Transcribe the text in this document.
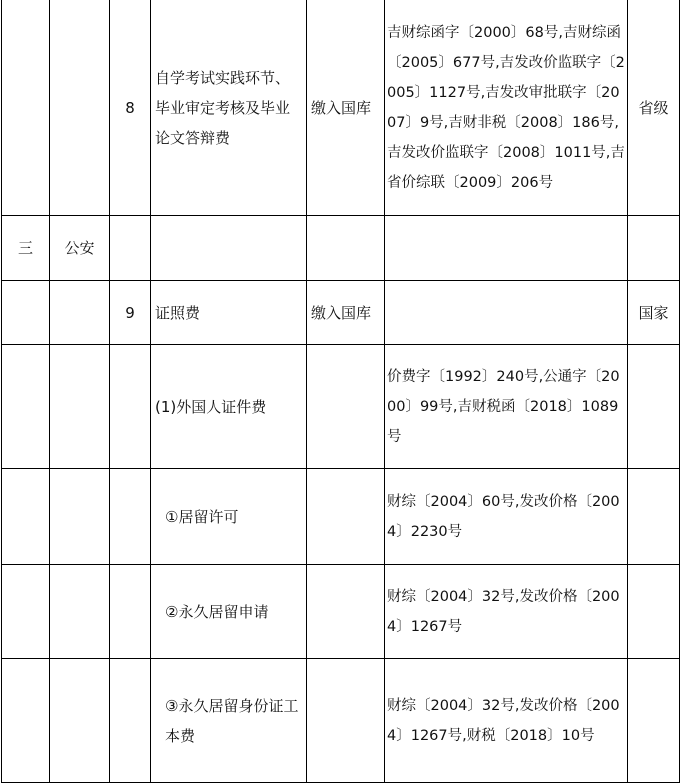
		8	自学考试实践环节、毕业审定考核及毕业论文答辩费	缴入国库	吉财综函字〔2000〕68号,吉财综函〔2005〕677号,吉发改价监联字〔2005〕1127号,吉发改审批联字〔2007〕9号,吉财非税〔2008〕186号,吉发改价监联字〔2008〕1011号,吉省价综联〔2009〕206号	省级
三	公安					
		9	证照费	缴入国库		国家
			(1)外国人证件费		价费字〔1992〕240号,公通字〔2000〕99号,吉财税函〔2018〕1089号	
			①居留许可		财综〔2004〕60号,发改价格〔2004〕2230号	
			②永久居留申请		财综〔2004〕32号,发改价格〔2004〕1267号	
			③永久居留身份证工本费		财综〔2004〕32号,发改价格〔2004〕1267号,财税〔2018〕10号	
